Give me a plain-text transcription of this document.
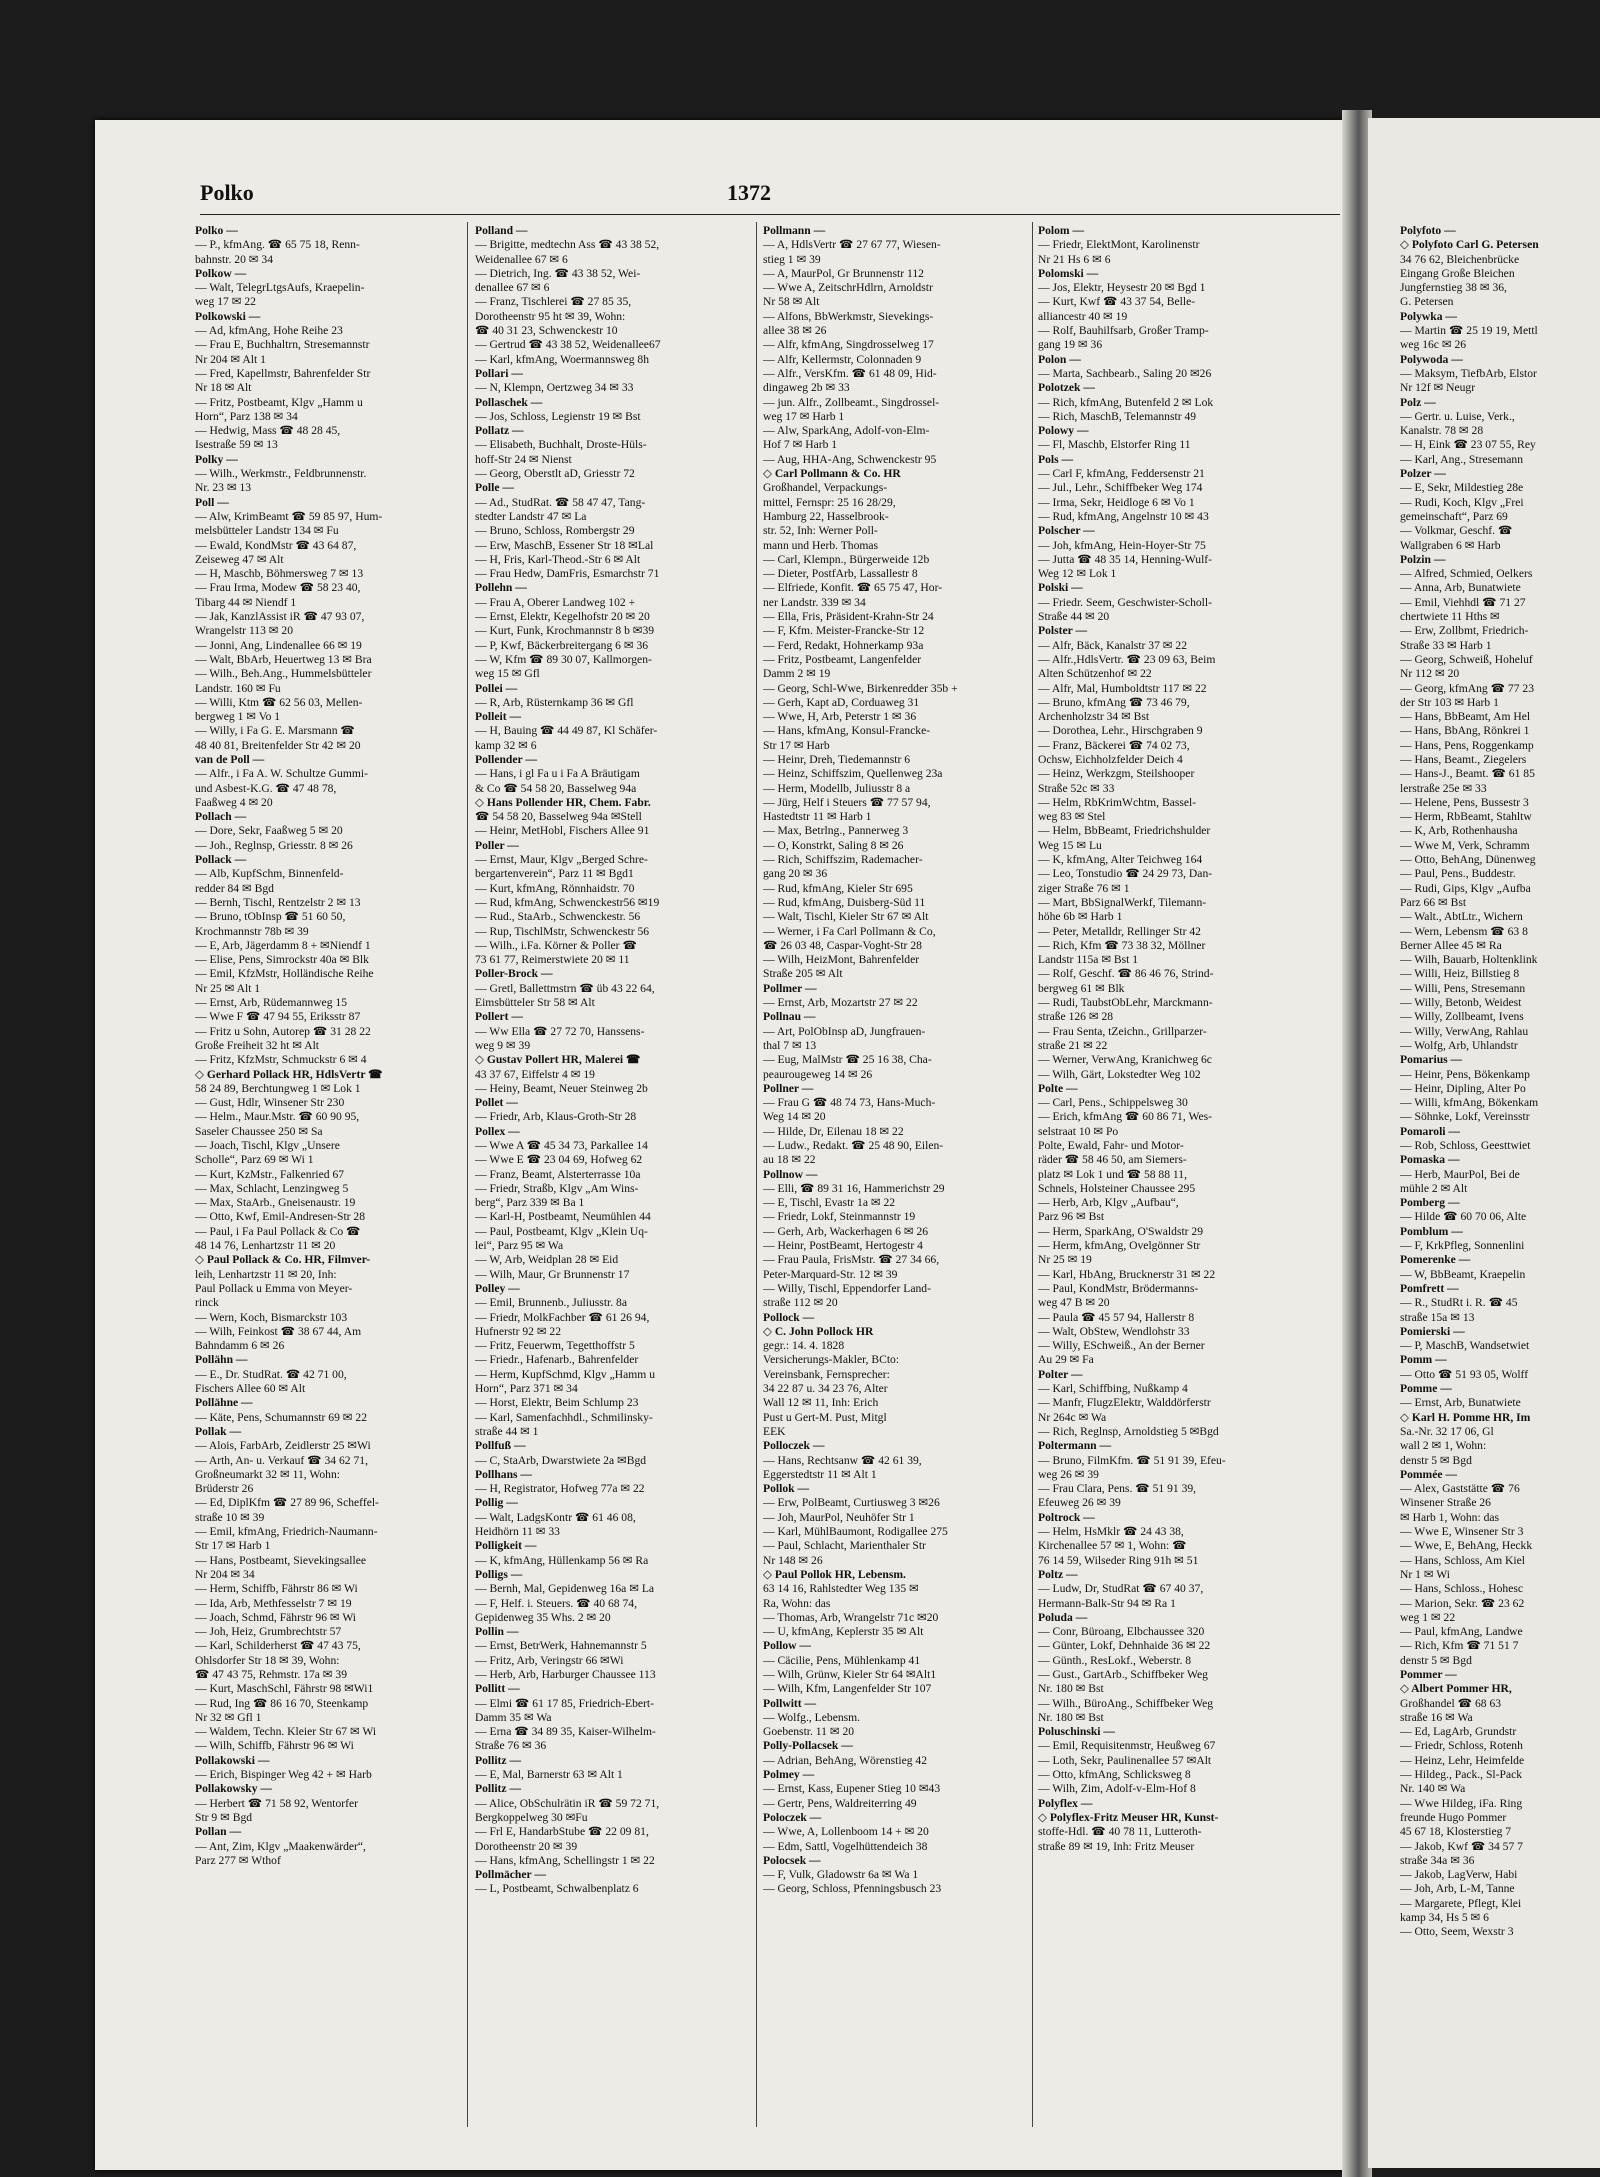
Polko	1372
Polko —
— P., kfmAng. ☎ 65 75 18, Renn-
bahnstr. 20 ✉ 34
Polkow —
— Walt, TelegrLtgsAufs, Kraepelin-
weg 17 ✉ 22
Polkowski —
— Ad, kfmAng, Hohe Reihe 23
— Frau E, Buchhaltrn, Stresemannstr
Nr 204 ✉ Alt 1
— Fred, Kapellmstr, Bahrenfelder Str
Nr 18 ✉ Alt
— Fritz, Postbeamt, Klgv „Hamm u
Horn“, Parz 138 ✉ 34
— Hedwig, Mass ☎ 48 28 45,
Isestraße 59 ✉ 13
Polky —
— Wilh., Werkmstr., Feldbrunnenstr.
Nr. 23 ✉ 13
Poll —
— Alw, KrimBeamt ☎ 59 85 97, Hum-
melsbütteler Landstr 134 ✉ Fu
— Ewald, KondMstr ☎ 43 64 87,
Zeiseweg 47 ✉ Alt
— H, Maschb, Böhmersweg 7 ✉ 13
— Frau Irma, Modew ☎ 58 23 40,
Tibarg 44 ✉ Niendf 1
— Jak, KanzlAssist iR ☎ 47 93 07,
Wrangelstr 113 ✉ 20
— Jonni, Ang, Lindenallee 66 ✉ 19
— Walt, BbArb, Heuertweg 13 ✉ Bra
— Wilh., Beh.Ang., Hummelsbütteler
Landstr. 160 ✉ Fu
— Willi, Ktm ☎ 62 56 03, Mellen-
bergweg 1 ✉ Vo 1
— Willy, i Fa G. E. Marsmann ☎
48 40 81, Breitenfelder Str 42 ✉ 20
van de Poll —
— Alfr., i Fa A. W. Schultze Gummi-
und Asbest-K.G. ☎ 47 48 78,
Faaßweg 4 ✉ 20
Pollach —
— Dore, Sekr, Faaßweg 5 ✉ 20
— Joh., Reglnsp, Griesstr. 8 ✉ 26
Pollack —
— Alb, KupfSchm, Binnenfeld-
redder 84 ✉ Bgd
— Bernh, Tischl, Rentzelstr 2 ✉ 13
— Bruno, tObInsp ☎ 51 60 50,
Krochmannstr 78b ✉ 39
— E, Arb, Jägerdamm 8 + ✉Niendf 1
— Elise, Pens, Simrockstr 40a ✉ Blk
— Emil, KfzMstr, Holländische Reihe
Nr 25 ✉ Alt 1
— Ernst, Arb, Rüdemannweg 15
— Wwe F ☎ 47 94 55, Eriksstr 87
— Fritz u Sohn, Autorep ☎ 31 28 22
Große Freiheit 32 ht ✉ Alt
— Fritz, KfzMstr, Schmuckstr 6 ✉ 4
◇ Gerhard Pollack HR, HdlsVertr ☎
58 24 89, Berchtungweg 1 ✉ Lok 1
— Gust, Hdlr, Winsener Str 230
— Helm., Maur.Mstr. ☎ 60 90 95,
Saseler Chaussee 250 ✉ Sa
— Joach, Tischl, Klgv „Unsere
Scholle“, Parz 69 ✉ Wi 1
— Kurt, KzMstr., Falkenried 67
— Max, Schlacht, Lenzingweg 5
— Max, StaArb., Gneisenaustr. 19
— Otto, Kwf, Emil-Andresen-Str 28
— Paul, i Fa Paul Pollack & Co ☎
48 14 76, Lenhartzstr 11 ✉ 20
◇ Paul Pollack & Co. HR, Filmver-
leih, Lenhartzstr 11 ✉ 20, Inh:
Paul Pollack u Emma von Meyer-
rinck
— Wern, Koch, Bismarckstr 103
— Wilh, Feinkost ☎ 38 67 44, Am
Bahndamm 6 ✉ 26
Pollähn —
— E., Dr. StudRat. ☎ 42 71 00,
Fischers Allee 60 ✉ Alt
Pollähne —
— Käte, Pens, Schumannstr 69 ✉ 22
Pollak —
— Alois, FarbArb, Zeidlerstr 25 ✉Wi
— Arth, An- u. Verkauf ☎ 34 62 71,
Großneumarkt 32 ✉ 11, Wohn:
Brüderstr 26
— Ed, DiplKfm ☎ 27 89 96, Scheffel-
straße 10 ✉ 39
— Emil, kfmAng, Friedrich-Naumann-
Str 17 ✉ Harb 1
— Hans, Postbeamt, Sievekingsallee
Nr 204 ✉ 34
— Herm, Schiffb, Fährstr 86 ✉ Wi
— Ida, Arb, Methfesselstr 7 ✉ 19
— Joach, Schmd, Fährstr 96 ✉ Wi
— Joh, Heiz, Grumbrechtstr 57
— Karl, Schilderherst ☎ 47 43 75,
Ohlsdorfer Str 18 ✉ 39, Wohn:
☎ 47 43 75, Rehmstr. 17a ✉ 39
— Kurt, MaschSchl, Fährstr 98 ✉Wi1
— Rud, Ing ☎ 86 16 70, Steenkamp
Nr 32 ✉ Gfl 1
— Waldem, Techn. Kleier Str 67 ✉ Wi
— Wilh, Schiffb, Fährstr 96 ✉ Wi
Pollakowski —
— Erich, Bispinger Weg 42 + ✉ Harb
Pollakowsky —
— Herbert ☎ 71 58 92, Wentorfer
Str 9 ✉ Bgd
Pollan —
— Ant, Zim, Klgv „Maakenwärder“,
Parz 277 ✉ Wthof
Polland —
— Brigitte, medtechn Ass ☎ 43 38 52,
Weidenallee 67 ✉ 6
— Dietrich, Ing. ☎ 43 38 52, Wei-
denallee 67 ✉ 6
— Franz, Tischlerei ☎ 27 85 35,
Dorotheenstr 95 ht ✉ 39, Wohn:
☎ 40 31 23, Schwenckestr 10
— Gertrud ☎ 43 38 52, Weidenallee67
— Karl, kfmAng, Woermannsweg 8h
Pollari —
— N, Klempn, Oertzweg 34 ✉ 33
Pollaschek —
— Jos, Schloss, Legienstr 19 ✉ Bst
Pollatz —
— Elisabeth, Buchhalt, Droste-Hüls-
hoff-Str 24 ✉ Nienst
— Georg, Oberstlt aD, Griesstr 72
Polle —
— Ad., StudRat. ☎ 58 47 47, Tang-
stedter Landstr 47 ✉ La
— Bruno, Schloss, Rombergstr 29
— Erw, MaschB, Essener Str 18 ✉Lal
— H, Fris, Karl-Theod.-Str 6 ✉ Alt
— Frau Hedw, DamFris, Esmarchstr 71
Pollehn —
— Frau A, Oberer Landweg 102 +
— Ernst, Elektr, Kegelhofstr 20 ✉ 20
— Kurt, Funk, Krochmannstr 8 b ✉39
— P, Kwf, Bäckerbreitergang 6 ✉ 36
— W, Kfm ☎ 89 30 07, Kallmorgen-
weg 15 ✉ Gfl
Pollei —
— R, Arb, Rüsternkamp 36 ✉ Gfl
Polleit —
— H, Bauing ☎ 44 49 87, Kl Schäfer-
kamp 32 ✉ 6
Pollender —
— Hans, i gl Fa u i Fa A Bräutigam
& Co ☎ 54 58 20, Basselweg 94a
◇ Hans Pollender HR, Chem. Fabr.
☎ 54 58 20, Basselweg 94a ✉Stell
— Heinr, MetHobl, Fischers Allee 91
Poller —
— Ernst, Maur, Klgv „Berged Schre-
bergartenverein“, Parz 11 ✉ Bgd1
— Kurt, kfmAng, Rönnhaidstr. 70
— Rud, kfmAng, Schwenckestr56 ✉19
— Rud., StaArb., Schwenckestr. 56
— Rup, TischlMstr, Schwenckestr 56
— Wilh., i.Fa. Körner & Poller ☎
73 61 77, Reimerstwiete 20 ✉ 11
Poller-Brock —
— Gretl, Ballettmstrn ☎ üb 43 22 64,
Eimsbütteler Str 58 ✉ Alt
Pollert —
— Ww Ella ☎ 27 72 70, Hanssens-
weg 9 ✉ 39
◇ Gustav Pollert HR, Malerei ☎
43 37 67, Eiffelstr 4 ✉ 19
— Heiny, Beamt, Neuer Steinweg 2b
Pollet —
— Friedr, Arb, Klaus-Groth-Str 28
Pollex —
— Wwe A ☎ 45 34 73, Parkallee 14
— Wwe E ☎ 23 04 69, Hofweg 62
— Franz, Beamt, Alsterterrasse 10a
— Friedr, Straßb, Klgv „Am Wins-
berg“, Parz 339 ✉ Ba 1
— Karl-H, Postbeamt, Neumühlen 44
— Paul, Postbeamt, Klgv „Klein Uq-
lei“, Parz 95 ✉ Wa
— W, Arb, Weidplan 28 ✉ Eid
— Wilh, Maur, Gr Brunnenstr 17
Polley —
— Emil, Brunnenb., Juliusstr. 8a
— Friedr, MolkFachber ☎ 61 26 94,
Hufnerstr 92 ✉ 22
— Fritz, Feuerwm, Tegetthoffstr 5
— Friedr., Hafenarb., Bahrenfelder
— Herm, KupfSchmd, Klgv „Hamm u
Horn“, Parz 371 ✉ 34
— Horst, Elektr, Beim Schlump 23
— Karl, Samenfachhdl., Schmilinsky-
straße 44 ✉ 1
Pollfuß —
— C, StaArb, Dwarstwiete 2a ✉Bgd
Pollhans —
— H, Registrator, Hofweg 77a ✉ 22
Pollig —
— Walt, LadgsKontr ☎ 61 46 08,
Heidhörn 11 ✉ 33
Polligkeit —
— K, kfmAng, Hüllenkamp 56 ✉ Ra
Polligs —
— Bernh, Mal, Gepidenweg 16a ✉ La
— F, Helf. i. Steuers. ☎ 40 68 74,
Gepidenweg 35 Whs. 2 ✉ 20
Pollin —
— Ernst, BetrWerk, Hahnemannstr 5
— Fritz, Arb, Veringstr 66 ✉Wi
— Herb, Arb, Harburger Chaussee 113
Pollitt —
— Elmi ☎ 61 17 85, Friedrich-Ebert-
Damm 35 ✉ Wa
— Erna ☎ 34 89 35, Kaiser-Wilhelm-
Straße 76 ✉ 36
Pollitz —
— E, Mal, Barnerstr 63 ✉ Alt 1
Pollitz —
— Alice, ObSchulrätin iR ☎ 59 72 71,
Bergkoppelweg 30 ✉Fu
— Frl E, HandarbStube ☎ 22 09 81,
Dorotheenstr 20 ✉ 39
— Hans, kfmAng, Schellingstr 1 ✉ 22
Pollmächer —
— L, Postbeamt, Schwalbenplatz 6
Pollmann —
— A, HdlsVertr ☎ 27 67 77, Wiesen-
stieg 1 ✉ 39
— A, MaurPol, Gr Brunnenstr 112
— Wwe A, ZeitschrHdlrn, Arnoldstr
Nr 58 ✉ Alt
— Alfons, BbWerkmstr, Sievekings-
allee 38 ✉ 26
— Alfr, kfmAng, Singdrosselweg 17
— Alfr, Kellermstr, Colonnaden 9
— Alfr., VersKfm. ☎ 61 48 09, Hid-
dingaweg 2b ✉ 33
— jun. Alfr., Zollbeamt., Singdrossel-
weg 17 ✉ Harb 1
— Alw, SparkAng, Adolf-von-Elm-
Hof 7 ✉ Harb 1
— Aug, HHA-Ang, Schwenckestr 95
◇ Carl Pollmann & Co. HR
Großhandel, Verpackungs-
mittel, Fernspr: 25 16 28/29,
Hamburg 22, Hasselbrook-
str. 52, Inh: Werner Poll-
mann und Herb. Thomas
— Carl, Klempn., Bürgerweide 12b
— Dieter, PostfArb, Lassallestr 8
— Elfriede, Konfit. ☎ 65 75 47, Hor-
ner Landstr. 339 ✉ 34
— Ella, Fris, Präsident-Krahn-Str 24
— F, Kfm. Meister-Francke-Str 12
— Ferd, Redakt, Hohnerkamp 93a
— Fritz, Postbeamt, Langenfelder
Damm 2 ✉ 19
— Georg, Schl-Wwe, Birkenredder 35b +
— Gerh, Kapt aD, Corduaweg 31
— Wwe, H, Arb, Peterstr 1 ✉ 36
— Hans, kfmAng, Konsul-Francke-
Str 17 ✉ Harb
— Heinr, Dreh, Tiedemannstr 6
— Heinz, Schiffszim, Quellenweg 23a
— Herm, Modellb, Juliusstr 8 a
— Jürg, Helf i Steuers ☎ 77 57 94,
Hastedtstr 11 ✉ Harb 1
— Max, Betrlng., Pannerweg 3
— O, Konstrkt, Saling 8 ✉ 26
— Rich, Schiffszim, Rademacher-
gang 20 ✉ 36
— Rud, kfmAng, Kieler Str 695
— Rud, kfmAng, Duisberg-Süd 11
— Walt, Tischl, Kieler Str 67 ✉ Alt
— Werner, i Fa Carl Pollmann & Co,
☎ 26 03 48, Caspar-Voght-Str 28
— Wilh, HeizMont, Bahrenfelder
Straße 205 ✉ Alt
Pollmer —
— Ernst, Arb, Mozartstr 27 ✉ 22
Pollnau —
— Art, PolObInsp aD, Jungfrauen-
thal 7 ✉ 13
— Eug, MalMstr ☎ 25 16 38, Cha-
peaurougeweg 14 ✉ 26
Pollner —
— Frau G ☎ 48 74 73, Hans-Much-
Weg 14 ✉ 20
— Hilde, Dr, Eilenau 18 ✉ 22
— Ludw., Redakt. ☎ 25 48 90, Eilen-
au 18 ✉ 22
Pollnow —
— Elli, ☎ 89 31 16, Hammerichstr 29
— E, Tischl, Evastr 1a ✉ 22
— Friedr, Lokf, Steinmannstr 19
— Gerh, Arb, Wackerhagen 6 ✉ 26
— Heinr, PostBeamt, Hertogestr 4
— Frau Paula, FrisMstr. ☎ 27 34 66,
Peter-Marquard-Str. 12 ✉ 39
— Willy, Tischl, Eppendorfer Land-
straße 112 ✉ 20
Pollock —
◇ C. John Pollock HR
gegr.: 14. 4. 1828
Versicherungs-Makler, BCto:
Vereinsbank, Fernsprecher:
34 22 87 u. 34 23 76, Alter
Wall 12 ✉ 11, Inh: Erich
Pust u Gert-M. Pust, Mitgl
EEK
Polloczek —
— Hans, Rechtsanw ☎ 42 61 39,
Eggerstedtstr 11 ✉ Alt 1
Pollok —
— Erw, PolBeamt, Curtiusweg 3 ✉26
— Joh, MaurPol, Neuhöfer Str 1
— Karl, MühlBaumont, Rodigallee 275
— Paul, Schlacht, Marienthaler Str
Nr 148 ✉ 26
◇ Paul Pollok HR, Lebensm.
63 14 16, Rahlstedter Weg 135 ✉
Ra, Wohn: das
— Thomas, Arb, Wrangelstr 71c ✉20
— U, kfmAng, Keplerstr 35 ✉ Alt
Pollow —
— Cäcilie, Pens, Mühlenkamp 41
— Wilh, Grünw, Kieler Str 64 ✉Alt1
— Wilh, Kfm, Langenfelder Str 107
Pollwitt —
— Wolfg., Lebensm.
Goebenstr. 11 ✉ 20
Polly-Pollacsek —
— Adrian, BehAng, Wörenstieg 42
Polmey —
— Ernst, Kass, Eupener Stieg 10 ✉43
— Gertr, Pens, Waldreiterring 49
Poloczek —
— Wwe, A, Lollenboom 14 + ✉ 20
— Edm, Sattl, Vogelhüttendeich 38
Polocsek —
— F, Vulk, Gladowstr 6a ✉ Wa 1
— Georg, Schloss, Pfenningsbusch 23
Polom —
— Friedr, ElektMont, Karolinenstr
Nr 21 Hs 6 ✉ 6
Polomski —
— Jos, Elektr, Heysestr 20 ✉ Bgd 1
— Kurt, Kwf ☎ 43 37 54, Belle-
alliancestr 40 ✉ 19
— Rolf, Bauhilfsarb, Großer Tramp-
gang 19 ✉ 36
Polon —
— Marta, Sachbearb., Saling 20 ✉26
Polotzek —
— Rich, kfmAng, Butenfeld 2 ✉ Lok
— Rich, MaschB, Telemannstr 49
Polowy —
— Fl, Maschb, Elstorfer Ring 11
Pols —
— Carl F, kfmAng, Feddersenstr 21
— Jul., Lehr., Schiffbeker Weg 174
— Irma, Sekr, Heidloge 6 ✉ Vo 1
— Rud, kfmAng, Angelnstr 10 ✉ 43
Polscher —
— Joh, kfmAng, Hein-Hoyer-Str 75
— Jutta ☎ 48 35 14, Henning-Wulf-
Weg 12 ✉ Lok 1
Polski —
— Friedr. Seem, Geschwister-Scholl-
Straße 44 ✉ 20
Polster —
— Alfr, Bäck, Kanalstr 37 ✉ 22
— Alfr.,HdlsVertr. ☎ 23 09 63, Beim
Alten Schützenhof ✉ 22
— Alfr, Mal, Humboldtstr 117 ✉ 22
— Bruno, kfmAng ☎ 73 46 79,
Archenholzstr 34 ✉ Bst
— Dorothea, Lehr., Hirschgraben 9
— Franz, Bäckerei ☎ 74 02 73,
Ochsw, Eichholzfelder Deich 4
— Heinz, Werkzgm, Steilshooper
Straße 52c ✉ 33
— Helm, RbKrimWchtm, Bassel-
weg 83 ✉ Stel
— Helm, BbBeamt, Friedrichshulder
Weg 15 ✉ Lu
— K, kfmAng, Alter Teichweg 164
— Leo, Tonstudio ☎ 24 29 73, Dan-
ziger Straße 76 ✉ 1
— Mart, BbSignalWerkf, Tilemann-
höhe 6b ✉ Harb 1
— Peter, Metalldr, Rellinger Str 42
— Rich, Kfm ☎ 73 38 32, Möllner
Landstr 115a ✉ Bst 1
— Rolf, Geschf. ☎ 86 46 76, Strind-
bergweg 61 ✉ Blk
— Rudi, TaubstObLehr, Marckmann-
straße 126 ✉ 28
— Frau Senta, tZeichn., Grillparzer-
straße 21 ✉ 22
— Werner, VerwAng, Kranichweg 6c
— Wilh, Gärt, Lokstedter Weg 102
Polte —
— Carl, Pens., Schippelsweg 30
— Erich, kfmAng ☎ 60 86 71, Wes-
selstraat 10 ✉ Po
Polte, Ewald, Fahr- und Motor-
räder ☎ 58 46 50, am Siemers-
platz ✉ Lok 1 und ☎ 58 88 11,
Schnels, Holsteiner Chaussee 295
— Herb, Arb, Klgv „Aufbau“,
Parz 96 ✉ Bst
— Herm, SparkAng, O'Swaldstr 29
— Herm, kfmAng, Ovelgönner Str
Nr 25 ✉ 19
— Karl, HbAng, Brucknerstr 31 ✉ 22
— Paul, KondMstr, Brödermanns-
weg 47 B ✉ 20
— Paula ☎ 45 57 94, Hallerstr 8
— Walt, ObStew, Wendlohstr 33
— Willy, ESchweiß., An der Berner
Au 29 ✉ Fa
Polter —
— Karl, Schiffbing, Nußkamp 4
— Manfr, FlugzElektr, Walddörferstr
Nr 264c ✉ Wa
— Rich, Reglnsp, Arnoldstieg 5 ✉Bgd
Poltermann —
— Bruno, FilmKfm. ☎ 51 91 39, Efeu-
weg 26 ✉ 39
— Frau Clara, Pens. ☎ 51 91 39,
Efeuweg 26 ✉ 39
Poltrock —
— Helm, HsMklr ☎ 24 43 38,
Kirchenallee 57 ✉ 1, Wohn: ☎
76 14 59, Wilseder Ring 91h ✉ 51
Poltz —
— Ludw, Dr, StudRat ☎ 67 40 37,
Hermann-Balk-Str 94 ✉ Ra 1
Poluda —
— Conr, Büroang, Elbchaussee 320
— Günter, Lokf, Dehnhaide 36 ✉ 22
— Günth., ResLokf., Weberstr. 8
— Gust., GartArb., Schiffbeker Weg
Nr. 180 ✉ Bst
— Wilh., BüroAng., Schiffbeker Weg
Nr. 180 ✉ Bst
Poluschinski —
— Emil, Requisitenmstr, Heußweg 67
— Loth, Sekr, Paulinenallee 57 ✉Alt
— Otto, kfmAng, Schlicksweg 8
— Wilh, Zim, Adolf-v-Elm-Hof 8
Polyflex —
◇ Polyflex-Fritz Meuser HR, Kunst-
stoffe-Hdl. ☎ 40 78 11, Lutteroth-
straße 89 ✉ 19, Inh: Fritz Meuser
Polyfoto —
◇ Polyfoto Carl G. Petersen
34 76 62, Bleichenbrücke
Eingang Große Bleichen
Jungfernstieg 38 ✉ 36,
G. Petersen
Polywka —
— Martin ☎ 25 19 19, Mettl
weg 16c ✉ 26
Polywoda —
— Maksym, TiefbArb, Elstor
Nr 12f ✉ Neugr
Polz —
— Gertr. u. Luise, Verk.,
Kanalstr. 78 ✉ 28
— H, Eink ☎ 23 07 55, Rey
— Karl, Ang., Stresemann
Polzer —
— E, Sekr, Mildestieg 28e
— Rudi, Koch, Klgv „Frei
gemeinschaft“, Parz 69
— Volkmar, Geschf. ☎
Wallgraben 6 ✉ Harb
Polzin —
— Alfred, Schmied, Oelkers
— Anna, Arb, Bunatwiete
— Emil, Viehhdl ☎ 71 27
chertwiete 11 Hths ✉
— Erw, Zollbmt, Friedrich-
Straße 33 ✉ Harb 1
— Georg, Schweiß, Hoheluf
Nr 112 ✉ 20
— Georg, kfmAng ☎ 77 23
der Str 103 ✉ Harb 1
— Hans, BbBeamt, Am Hel
— Hans, BbAng, Rönkrei 1
— Hans, Pens, Roggenkamp
— Hans, Beamt., Ziegelers
— Hans-J., Beamt. ☎ 61 85
lerstraße 25e ✉ 33
— Helene, Pens, Bussestr 3
— Herm, RbBeamt, Stahltw
— K, Arb, Rothenhausha
— Wwe M, Verk, Schramm
— Otto, BehAng, Dünenweg
— Paul, Pens., Buddestr.
— Rudi, Gips, Klgv „Aufba
Parz 66 ✉ Bst
— Walt., AbtLtr., Wichern
— Wern, Lebensm ☎ 63 8
Berner Allee 45 ✉ Ra
— Wilh, Bauarb, Holtenklink
— Willi, Heiz, Billstieg 8
— Willi, Pens, Stresemann
— Willy, Betonb, Weidest
— Willy, Zollbeamt, Ivens
— Willy, VerwAng, Rahlau
— Wolfg, Arb, Uhlandstr
Pomarius —
— Heinr, Pens, Bökenkamp
— Heinr, Dipling, Alter Po
— Willi, kfmAng, Bökenkam
— Söhnke, Lokf, Vereinsstr
Pomaroli —
— Rob, Schloss, Geesttwiet
Pomaska —
— Herb, MaurPol, Bei de
mühle 2 ✉ Alt
Pomberg —
— Hilde ☎ 60 70 06, Alte
Pomblum —
— F, KrkPfleg, Sonnenlini
Pomerenke —
— W, BbBeamt, Kraepelin
Pomfrett —
— R., StudRt i. R. ☎ 45
straße 15a ✉ 13
Pomierski —
— P, MaschB, Wandsetwiet
Pomm —
— Otto ☎ 51 93 05, Wolff
Pomme —
— Ernst, Arb, Bunatwiete
◇ Karl H. Pomme HR, Im
Sa.-Nr. 32 17 06, Gl
wall 2 ✉ 1, Wohn:
denstr 5 ✉ Bgd
Pommée —
— Alex, Gaststätte ☎ 76
Winsener Straße 26
✉ Harb 1, Wohn: das
— Wwe E, Winsener Str 3
— Wwe, E, BehAng, Heckk
— Hans, Schloss, Am Kiel
Nr 1 ✉ Wi
— Hans, Schloss., Hohesc
— Marion, Sekr. ☎ 23 62
weg 1 ✉ 22
— Paul, kfmAng, Landwe
— Rich, Kfm ☎ 71 51 7
denstr 5 ✉ Bgd
Pommer —
◇ Albert Pommer HR,
Großhandel ☎ 68 63
straße 16 ✉ Wa
— Ed, LagArb, Grundstr
— Friedr, Schloss, Rotenh
— Heinz, Lehr, Heimfelde
— Hildeg., Pack., Sl-Pack
Nr. 140 ✉ Wa
— Wwe Hildeg, iFa. Ring
freunde Hugo Pommer
45 67 18, Klosterstieg 7
— Jakob, Kwf ☎ 34 57 7
straße 34a ✉ 36
— Jakob, LagVerw, Habi
— Joh, Arb, L-M, Tanne
— Margarete, Pflegt, Klei
kamp 34, Hs 5 ✉ 6
— Otto, Seem, Wexstr 3
